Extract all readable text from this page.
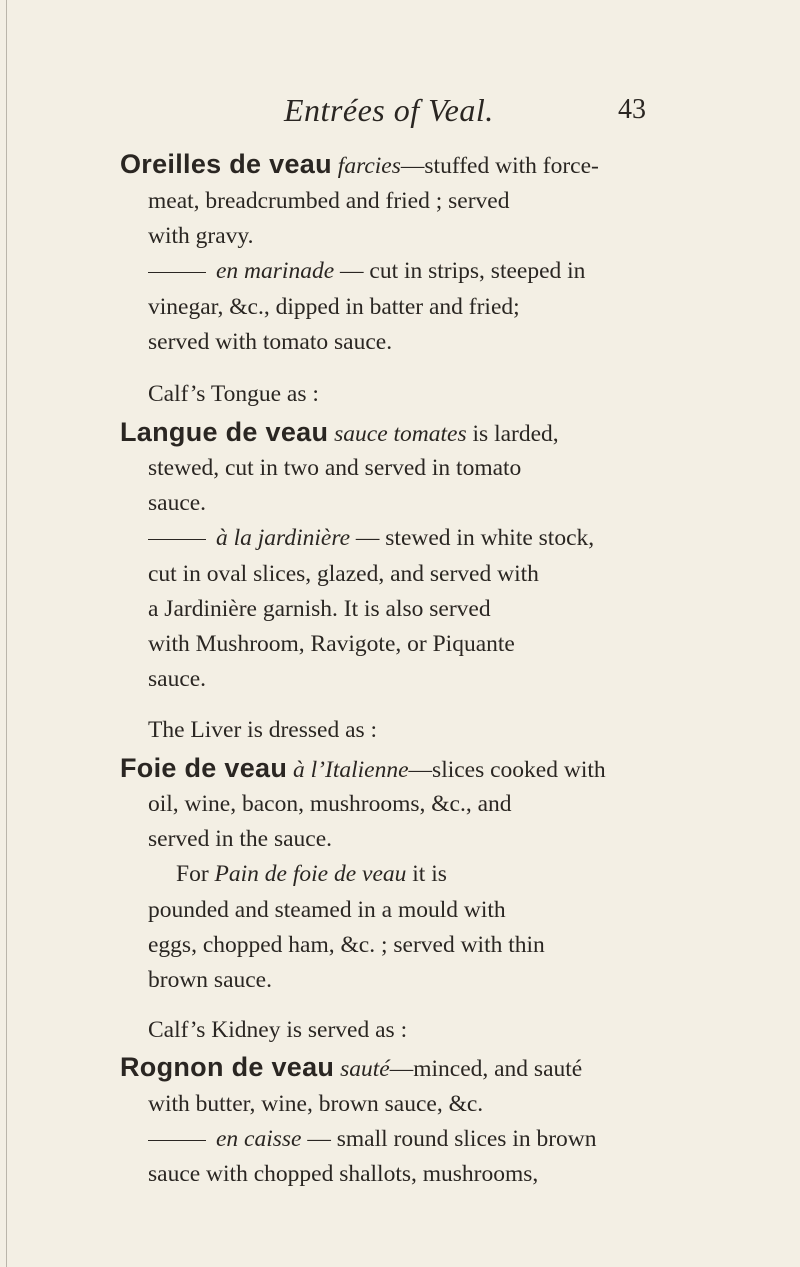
Entrées of Veal.	43
Oreilles de veau farcies—stuffed with force-
meat, breadcrumbed and fried ; served
with gravy.
en marinade — cut in strips, steeped in
vinegar, &c., dipped in batter and fried;
served with tomato sauce.
Calf’s Tongue as :
Langue de veau sauce tomates is larded,
stewed, cut in two and served in tomato
sauce.
à la jardinière — stewed in white stock,
cut in oval slices, glazed, and served with
a Jardinière garnish. It is also served
with Mushroom, Ravigote, or Piquante
sauce.
The Liver is dressed as :
Foie de veau à l’Italienne—slices cooked with
oil, wine, bacon, mushrooms, &c., and
served in the sauce.
For Pain de foie de veau it is
pounded and steamed in a mould with
eggs, chopped ham, &c. ; served with thin
brown sauce.
Calf’s Kidney is served as :
Rognon de veau sauté—minced, and sauté
with butter, wine, brown sauce, &c.
en caisse — small round slices in brown
sauce with chopped shallots, mushrooms,
